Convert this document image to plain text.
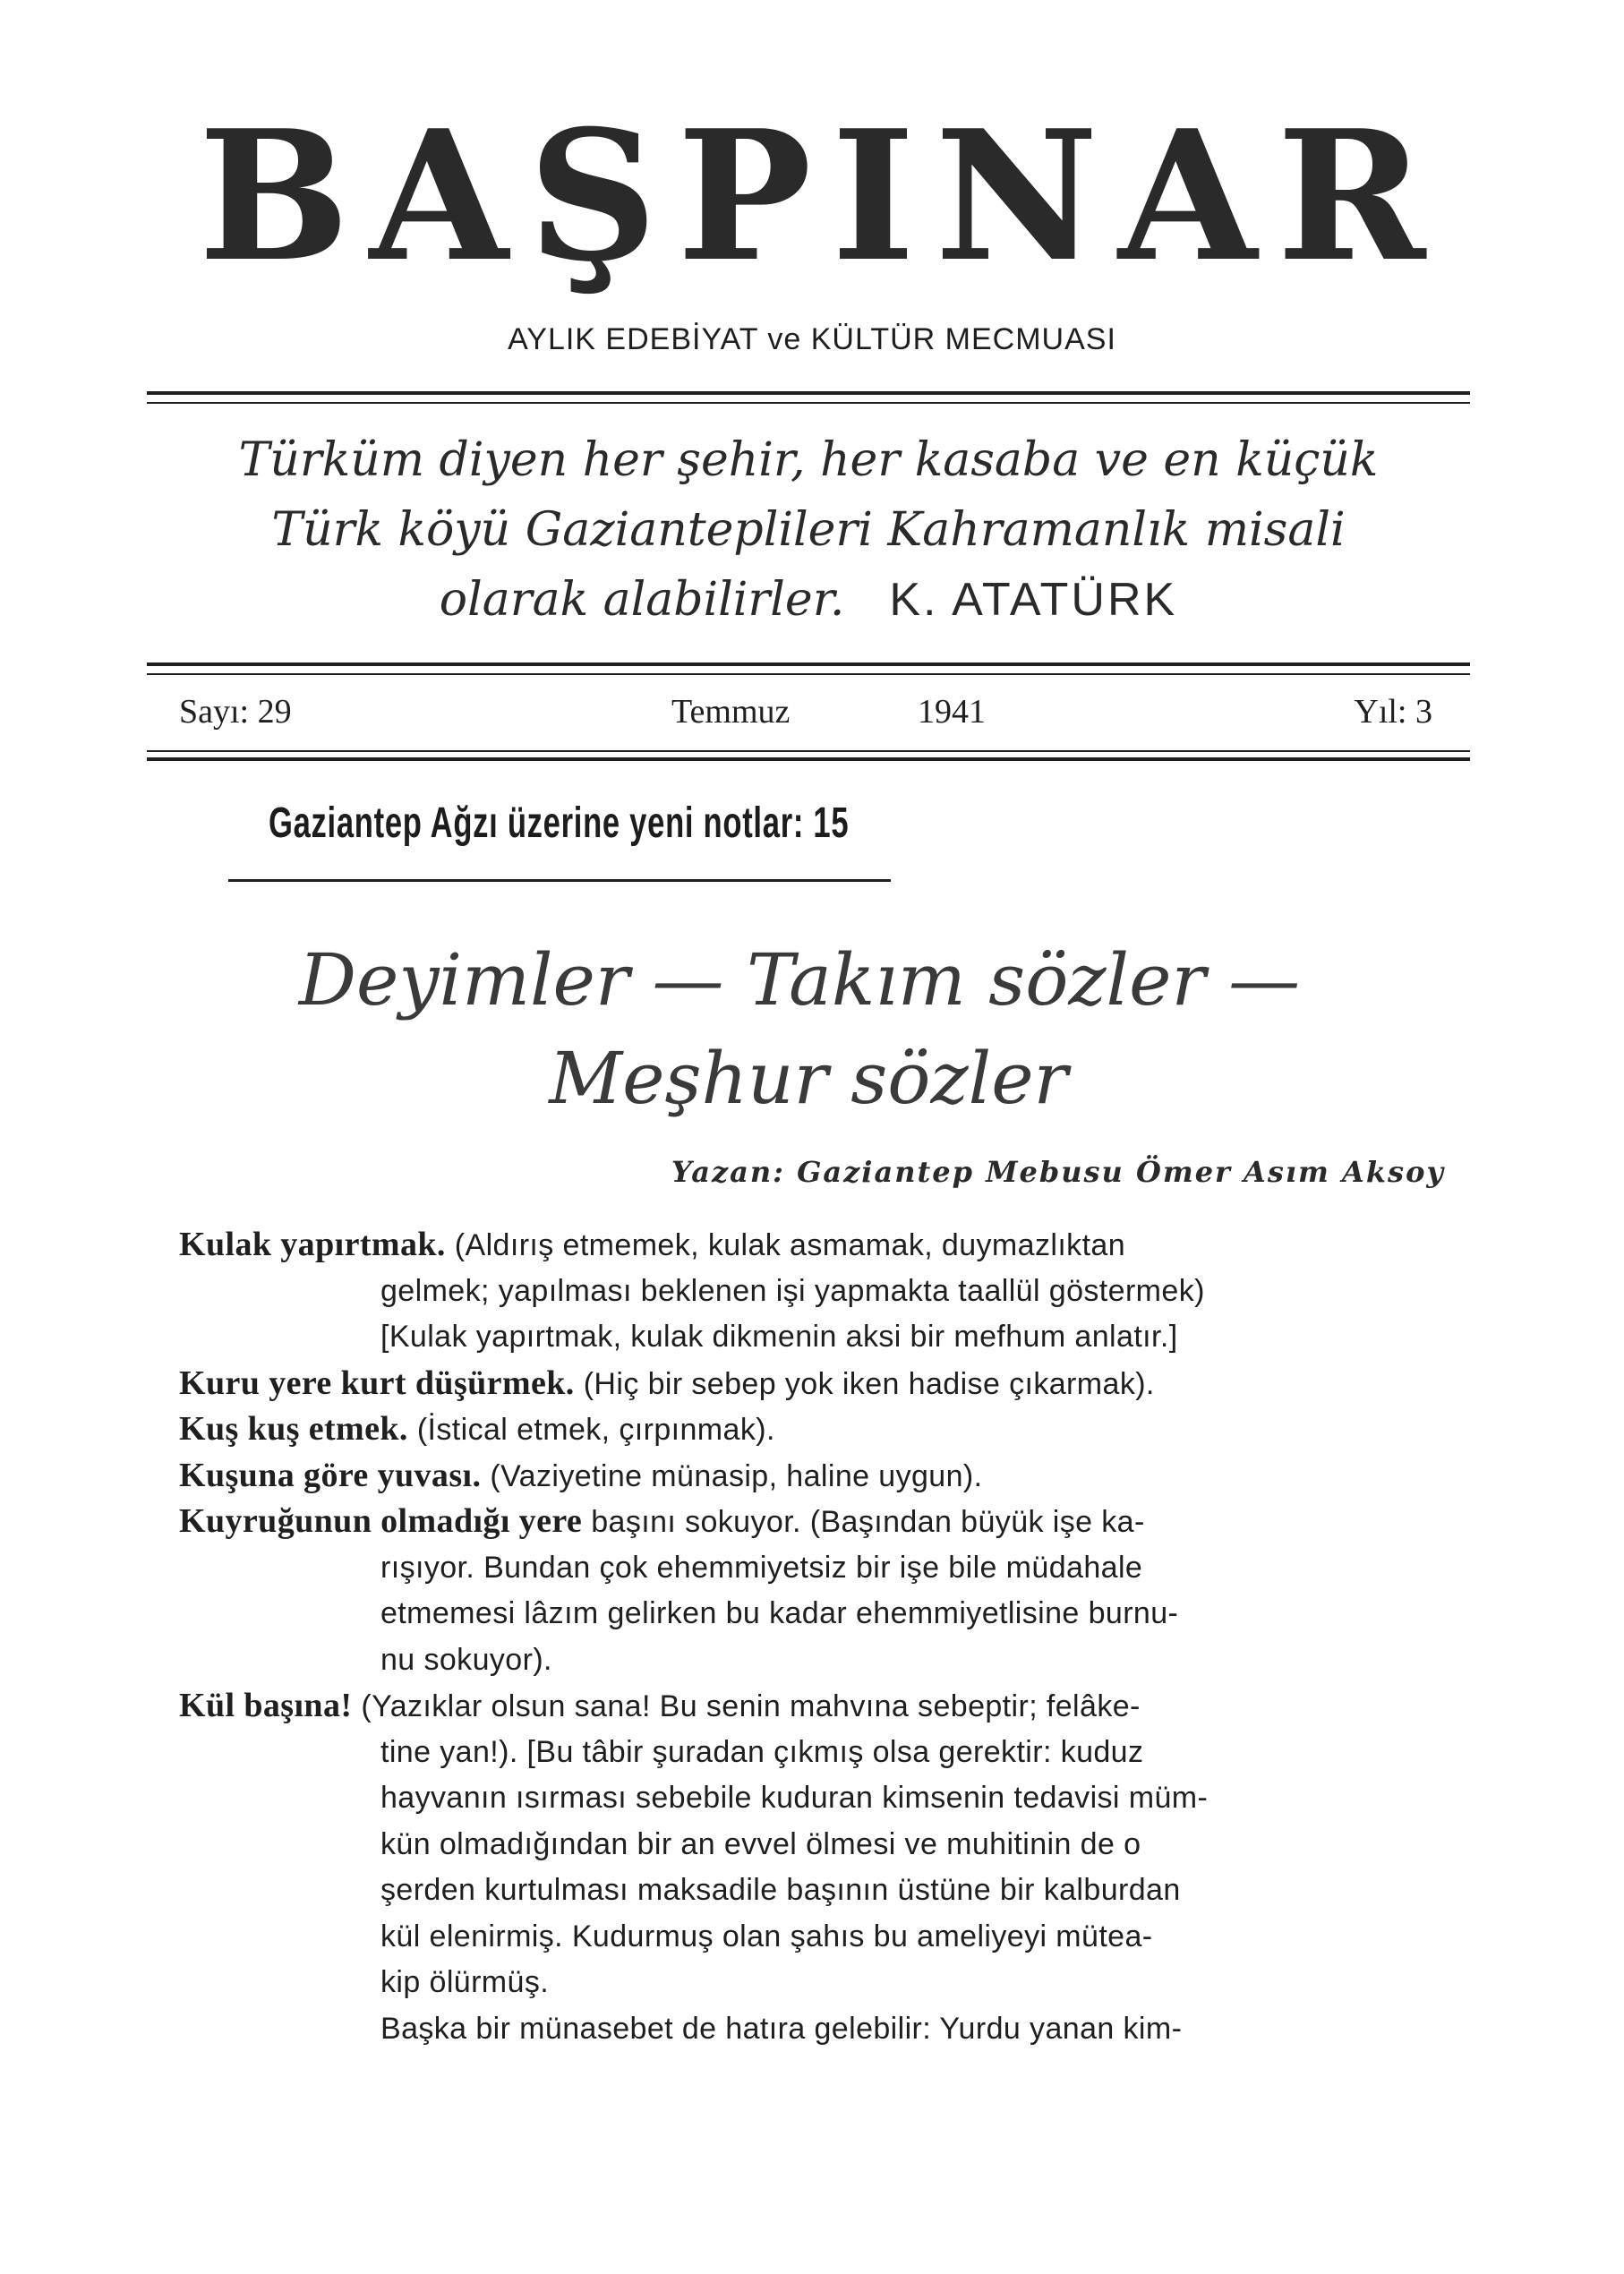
BAŞPINAR
AYLIK EDEBİYAT ve KÜLTÜR MECMUASI
Türküm diyen her şehir, her kasaba ve en küçük
Türk köyü Gazianteplileri Kahramanlık misali
olarak alabilirler. K. ATATÜRK
Sayı: 29	Temmuz	1941	Yıl: 3
Gaziantep Ağzı üzerine yeni notlar: 15
Deyimler — Takım sözler —
Meşhur sözler
Yazan: Gaziantep Mebusu Ömer Asım Aksoy
Kulak yapırtmak. (Aldırış etmemek, kulak asmamak, duymazlıktan
gelmek; yapılması beklenen işi yapmakta taallül göstermek)
[Kulak yapırtmak, kulak dikmenin aksi bir mefhum anlatır.]
Kuru yere kurt düşürmek. (Hiç bir sebep yok iken hadise çıkarmak).
Kuş kuş etmek. (İstical etmek, çırpınmak).
Kuşuna göre yuvası. (Vaziyetine münasip, haline uygun).
Kuyruğunun olmadığı yere başını sokuyor. (Başından büyük işe ka-
rışıyor. Bundan çok ehemmiyetsiz bir işe bile müdahale
etmemesi lâzım gelirken bu kadar ehemmiyetlisine burnu-
nu sokuyor).
Kül başına! (Yazıklar olsun sana! Bu senin mahvına sebeptir; felâke-
tine yan!). [Bu tâbir şuradan çıkmış olsa gerektir: kuduz
hayvanın ısırması sebebile kuduran kimsenin tedavisi müm-
kün olmadığından bir an evvel ölmesi ve muhitinin de o
şerden kurtulması maksadile başının üstüne bir kalburdan
kül elenirmiş. Kudurmuş olan şahıs bu ameliyeyi mütea-
kip ölürmüş.
Başka bir münasebet de hatıra gelebilir: Yurdu yanan kim-
